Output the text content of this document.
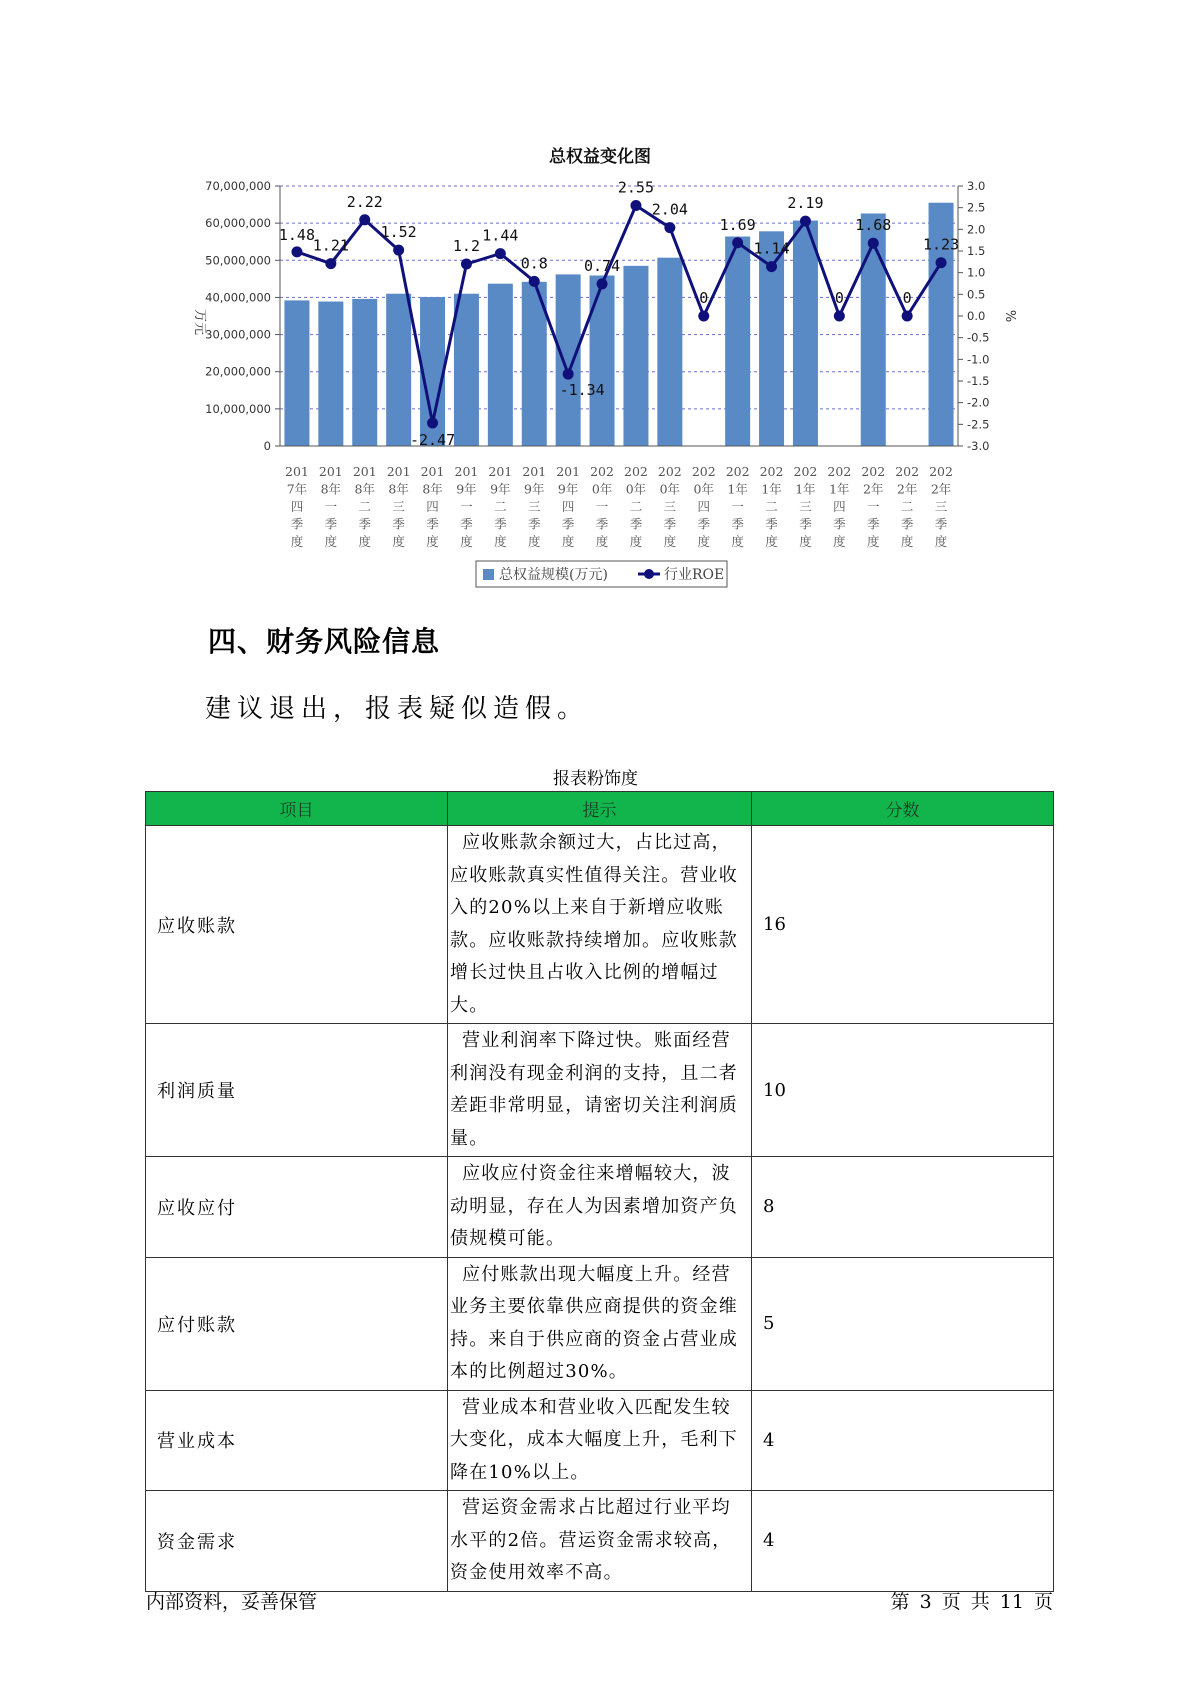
总权益变化图
0
10,000,000
20,000,000
30,000,000
40,000,000
50,000,000
60,000,000
70,000,000
-3.0
-2.5
-2.0
-1.5
-1.0
-0.5
0.0
0.5
1.0
1.5
2.0
2.5
3.0
万元	%
201 7年四季度
201 8年一季度
201 8年二季度
201 8年三季度
201 8年四季度
201 9年一季度
201 9年二季度
201 9年三季度
201 9年四季度
202 0年一季度
202 0年二季度
202 0年三季度
202 0年四季度
202 1年一季度
202 1年二季度
202 1年三季度
202 1年四季度
202 2年一季度
202 2年二季度
202 2年三季度
1.48
1.21
2.22
1.52
-2.47
1.2
1.44
0.8
-1.34
0.74
2.55
2.04
0
1.69
1.14
2.19
0
1.68
0
1.23
总权益规模(万元)	行业ROE
四、财务风险信息

建议退出，报表疑似造假。

报表粉饰度

项目	提示	分数
应收账款	应收账款余额过大，占比过高，应收账款真实性值得关注。营业收入的20%以上来自于新增应收账款。应收账款持续增加。应收账款增长过快且占收入比例的增幅过大。	16
利润质量	营业利润率下降过快。账面经营利润没有现金利润的支持，且二者差距非常明显，请密切关注利润质量。	10
应收应付	应收应付资金往来增幅较大，波动明显，存在人为因素增加资产负债规模可能。	8
应付账款	应付账款出现大幅度上升。经营业务主要依靠供应商提供的资金维持。来自于供应商的资金占营业成本的比例超过30%。	5
营业成本	营业成本和营业收入匹配发生较大变化，成本大幅度上升，毛利下降在10%以上。	4
资金需求	营运资金需求占比超过行业平均水平的2倍。营运资金需求较高，资金使用效率不高。	4

内部资料，妥善保管	第 3 页 共 11 页
